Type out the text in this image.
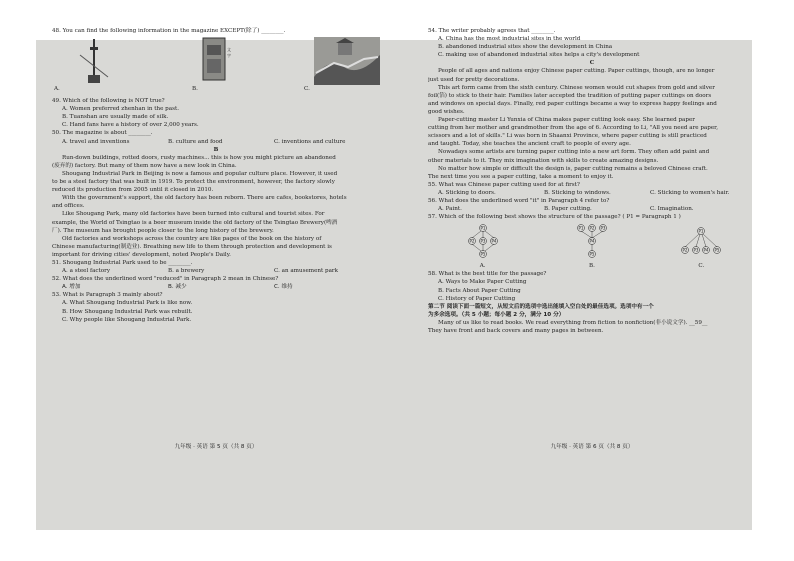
48. You can find the following information in the magazine EXCEPT(除了) ________.
文
字
A.	B.	C.
49. Which of the following is NOT true?
A. Women preferred zhenhan in the past.
B. Tuanshan are usually made of silk.
C. Hand fans have a history of over 2,000 years.
50. The magazine is about ________.
A. travel and inventions	B. culture and food	C. inventions and culture
B
Run-down buildings, rotted doors, rusty machines... this is how you might picture an abandoned
(废弃的) factory. But many of them now have a new look in China.
Shougang Industrial Park in Beijing is now a famous and popular culture place. However, it used
to be a steel factory that was built in 1919. To protect the environment, however, the factory slowly
reduced its production from 2005 until it closed in 2010.
With the government's support, the old factory has been reborn. There are cafes, bookstores, hotels
and offices.
Like Shougang Park, many old factories have been turned into cultural and tourist sites. For
example, the World of Tsingtao is a beer museum inside the old factory of the Tsingtao Brewery(啤酒
厂). The museum has brought people closer to the long history of the brewery.
Old factories and workshops across the country are like pages of the book on the history of
Chinese manufacturing(制造业). Breathing new life to them through protection and development is
important for driving cities' development, noted People's Daily.
51. Shougang Industrial Park used to be ________.
A. a steel factory	B. a brewery	C. an amusement park
52. What does the underlined word "reduced" in Paragraph 2 mean in Chinese?
A. 增加	B. 减少	C. 维持
53. What is Paragraph 3 mainly about?
A. What Shougang Industrial Park is like now.
B. How Shougang Industrial Park was rebuilt.
C. Why people like Shougang Industrial Park.
九年级 · 英语 第 5 页（共 8 页）
54. The writer probably agrees that ________.
A. China has the most industrial sites in the world
B. abandoned industrial sites show the development in China
C. making use of abandoned industrial sites helps a city's development
C
People of all ages and nations enjoy Chinese paper cutting. Paper cuttings, though, are no longer
just used for pretty decorations.
This art form came from the sixth century. Chinese women would cut shapes from gold and silver
foil(箔) to stick to their hair. Families later accepted the tradition of putting paper cuttings on doors
and windows on special days. Finally, red paper cuttings became a way to express happy feelings and
good wishes.
Paper-cutting master Li Yunxia of China makes paper cutting look easy. She learned paper
cutting from her mother and grandmother from the age of 6. According to Li, "All you need are paper,
scissors and a lot of skills." Li was born in Shaanxi Province, where paper cutting is still practiced
and taught. Today, she teaches the ancient craft to people of every age.
Nowadays some artists are turning paper cutting into a new art form. They often add paint and
other materials to it. They mix imagination with skills to create amazing designs.
No matter how simple or difficult the design is, paper cutting remains a beloved Chinese craft.
The next time you see a paper cutting, take a moment to enjoy it.
55. What was Chinese paper cutting used for at first?
A. Sticking to doors.	B. Sticking to windows.	C. Sticking to women's hair.
56. What does the underlined word "it" in Paragraph 4 refer to?
A. Paint.	B. Paper cutting.	C. Imagination.
57. Which of the following best shows the structure of the passage? ( P1 = Paragraph 1 )
P1
P2 P3 P4
P5
P1 P2 P3
P4
P5
P1
P2 P3 P4 P5
A.	B.	C.
58. What is the best title for the passage?
A. Ways to Make Paper Cutting
B. Facts About Paper Cutting
C. History of Paper Cutting
第二节 阅读下面一篇短文，从短文后的选项中选出能填入空白处的最佳选项。选项中有一个
为多余选项。（共 5 小题；每小题 2 分，满分 10 分）
Many of us like to read books. We read everything from fiction to nonfiction(非小说文学). __59__
They have front and back covers and many pages in between.
九年级 · 英语 第 6 页（共 8 页）
